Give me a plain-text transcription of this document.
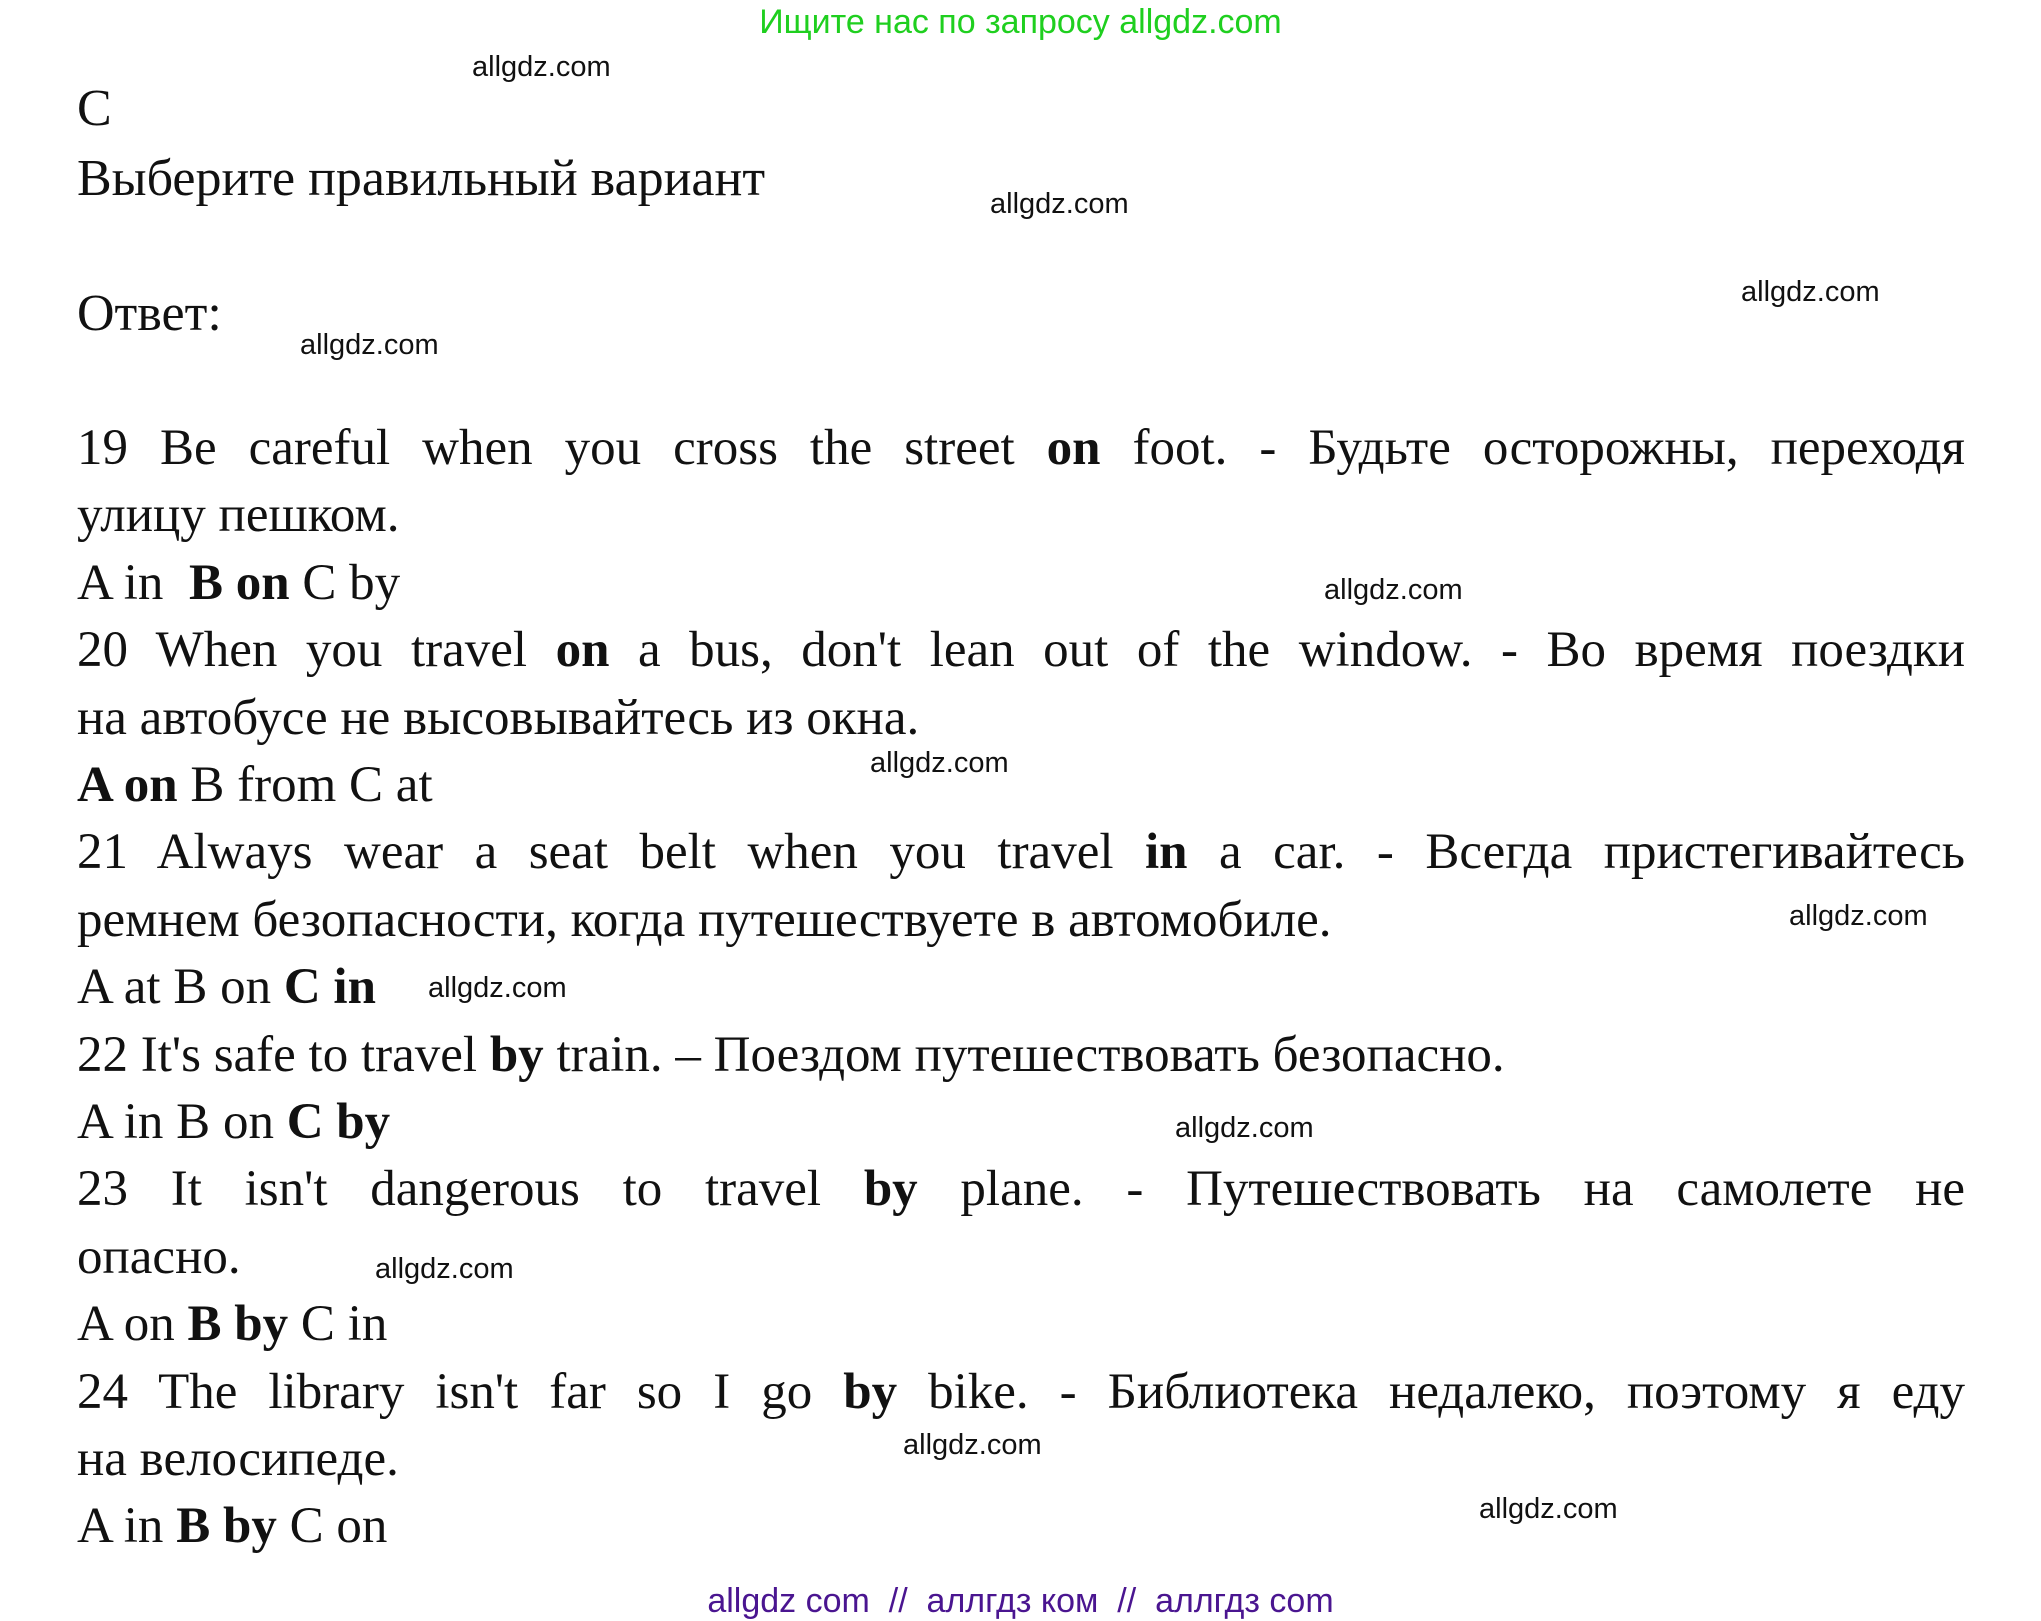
Ищите нас по запросу allgdz.com
C
Выберите правильный вариант
Ответ:
19 Be careful when you cross the street on foot. - Будьте осторожны, переходя
улицу пешком.
A in  B on C by
20 When you travel on a bus, don't lean out of the window. - Во время поездки
на автобусе не высовывайтесь из окна.
A on B from C at
21 Always wear a seat belt when you travel in a car. - Всегда пристегивайтесь
ремнем безопасности, когда путешествуете в автомобиле.
A at B on C in
22 It's safe to travel by train. – Поездом путешествовать безопасно.
A in B on C by
23 It isn't dangerous to travel by plane. - Путешествовать на самолете не
опасно.
A on B by C in
24 The library isn't far so I go by bike. - Библиотека недалеко, поэтому я еду
на велосипеде.
A in B by C on
allgdz.com
allgdz.com
allgdz.com
allgdz.com
allgdz.com
allgdz.com
allgdz.com
allgdz.com
allgdz.com
allgdz.com
allgdz.com
allgdz.com
allgdz com  //  аллгдз ком  //  аллгдз com
